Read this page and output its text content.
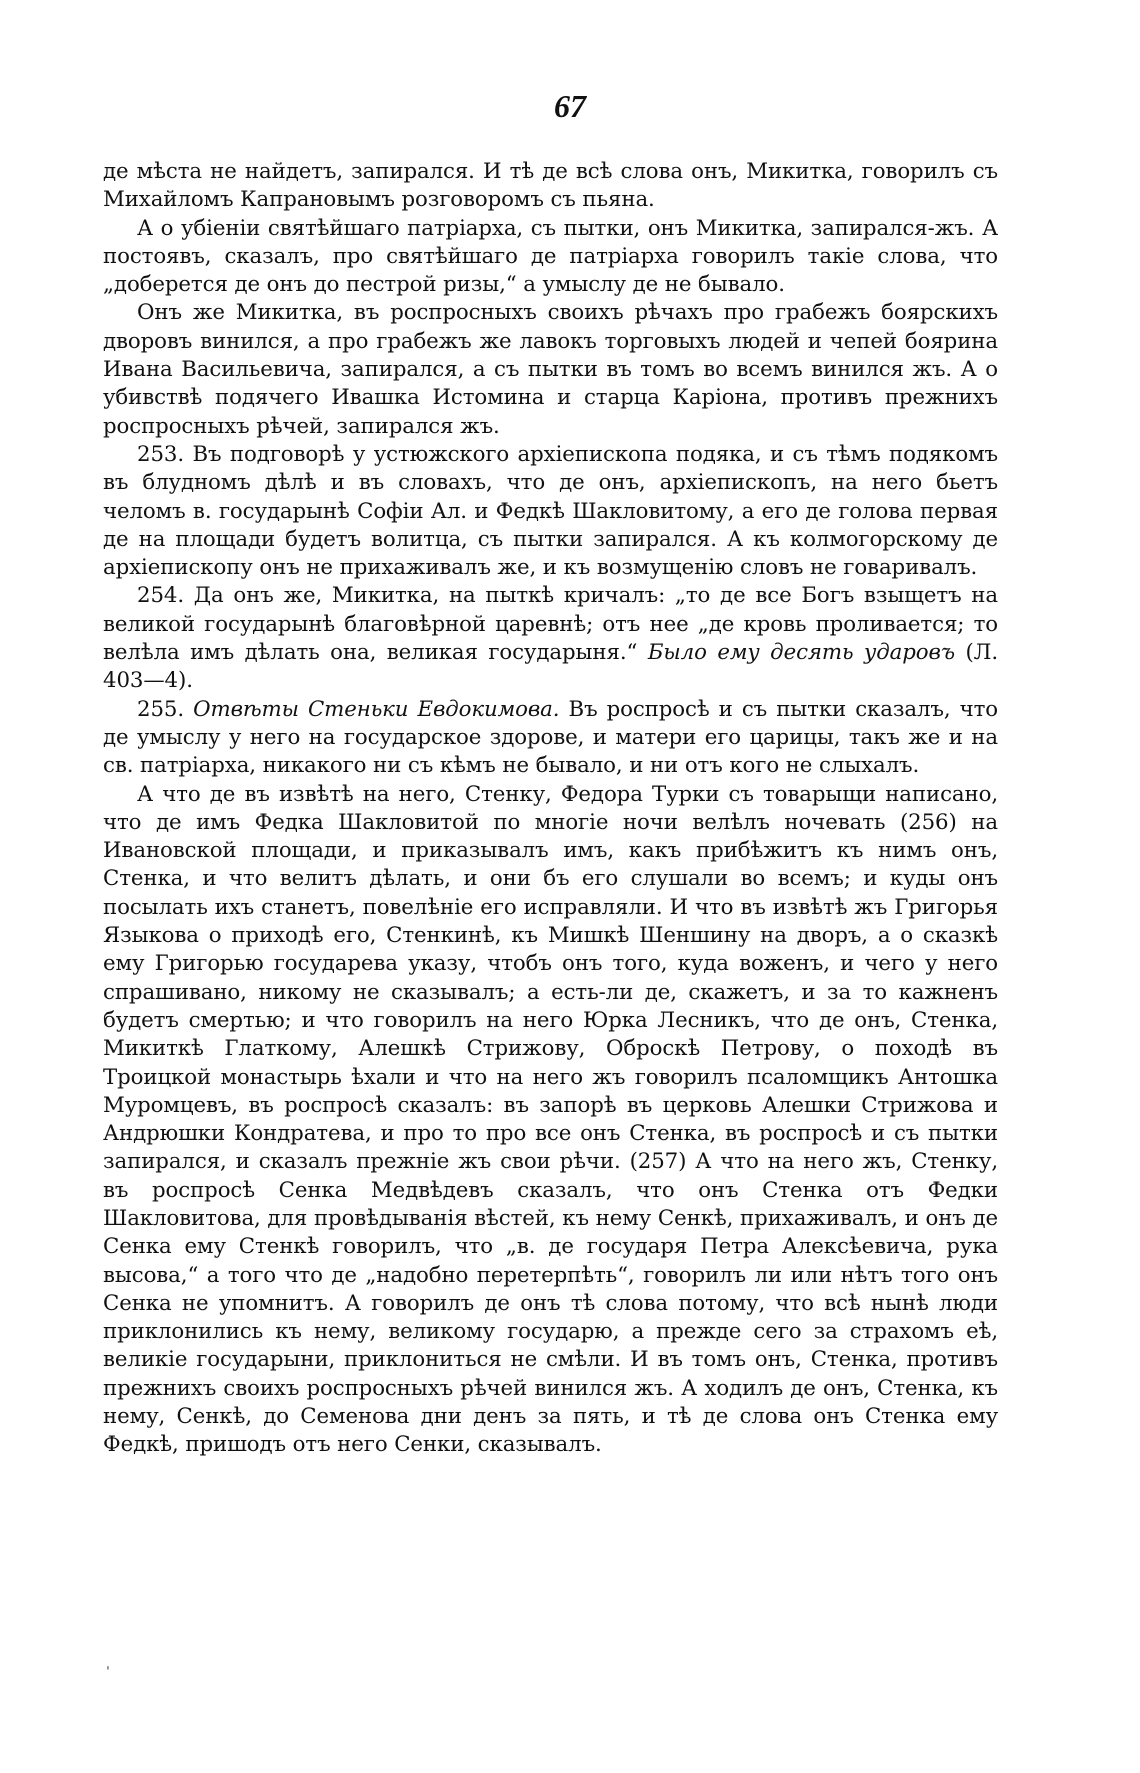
67

де мѣста не найдетъ, запирался. И тѣ де всѣ слова онъ, Микитка, говорилъ съ Михайломъ Капрановымъ розговоромъ съ пьяна.

А о убіеніи святѣйшаго патріарха, съ пытки, онъ Микитка, запирался-жъ. А постоявъ, сказалъ, про святѣйшаго де патріарха говорилъ такіе слова, что „доберется де онъ до пестрой ризы,“ а умыслу де не бывало.

Онъ же Микитка, въ роспросныхъ своихъ рѣчахъ про грабежъ боярскихъ дворовъ винился, а про грабежъ же лавокъ торговыхъ людей и чепей боярина Ивана Васильевича, запирался, а съ пытки въ томъ во всемъ винился жъ. А о убивствѣ подячего Ивашка Истомина и старца Каріона, противъ прежнихъ роспросныхъ рѣчей, запирался жъ.

253. Въ подговорѣ у устюжского архіепископа подяка, и съ тѣмъ подякомъ въ блудномъ дѣлѣ и въ словахъ, что де онъ, архіепископъ, на него бьетъ челомъ в. государынѣ Софіи Ал. и Федкѣ Шакловитому, а его де голова первая де на площади будетъ волитца, съ пытки запирался. А къ колмогорскому де архіепископу онъ не прихаживалъ же, и къ возмущенію словъ не говаривалъ.

254. Да онъ же, Микитка, на пыткѣ кричалъ: „то де все Богъ взыщетъ на великой государынѣ благовѣрной царевнѣ; отъ нее „де кровь проливается; то велѣла имъ дѣлать она, великая государыня.“ Было ему десять ударовъ (Л. 403—4).

255. Отвѣты Стеньки Евдокимова. Въ роспросѣ и съ пытки сказалъ, что де умыслу у него на государское здорове, и матери его царицы, такъ же и на св. патріарха, никакого ни съ кѣмъ не бывало, и ни отъ кого не слыхалъ.

А что де въ извѣтѣ на него, Стенку, Федора Турки съ товарыщи написано, что де имъ Федка Шакловитой по многіе ночи велѣлъ ночевать (256) на Ивановской площади, и приказывалъ имъ, какъ прибѣжитъ къ нимъ онъ, Стенка, и что велитъ дѣлать, и они бъ его слушали во всемъ; и куды онъ посылать ихъ станетъ, повелѣніе его исправляли. И что въ извѣтѣ жъ Григорья Языкова о приходѣ его, Стенкинѣ, къ Мишкѣ Шеншину на дворъ, а о сказкѣ ему Григорью государева указу, чтобъ онъ того, куда воженъ, и чего у него спрашивано, никому не сказывалъ; а есть-ли де, скажетъ, и за то кажненъ будетъ смертью; и что говорилъ на него Юрка Лесникъ, что де онъ, Стенка, Микиткѣ Глаткому, Алешкѣ Стрижову, Оброскѣ Петрову, о походѣ въ Троицкой монастырь ѣхали и что на него жъ говорилъ псаломщикъ Антошка Муромцевъ, въ роспросѣ сказалъ: въ запорѣ въ церковь Алешки Стрижова и Андрюшки Кондратева, и про то про все онъ Стенка, въ роспросѣ и съ пытки запирался, и сказалъ прежніе жъ свои рѣчи. (257) А что на него жъ, Стенку, въ роспросѣ Сенка Медвѣдевъ сказалъ, что онъ Стенка отъ Федки Шакловитова, для провѣдыванія вѣстей, къ нему Сенкѣ, прихаживалъ, и онъ де Сенка ему Стенкѣ говорилъ, что „в. де государя Петра Алексѣевича, рука высова,“ а того что де „надобно перетерпѣть“, говорилъ ли или нѣтъ того онъ Сенка не упомнитъ. А говорилъ де онъ тѣ слова потому, что всѣ нынѣ люди приклонились къ нему, великому государю, а прежде сего за страхомъ еѣ, великіе государыни, приклониться не смѣли. И въ томъ онъ, Стенка, противъ прежнихъ своихъ роспросныхъ рѣчей винился жъ. А ходилъ де онъ, Стенка, къ нему, Сенкѣ, до Семенова дни денъ за пять, и тѣ де слова онъ Стенка ему Федкѣ, пришодъ отъ него Сенки, сказывалъ.

ˈ
